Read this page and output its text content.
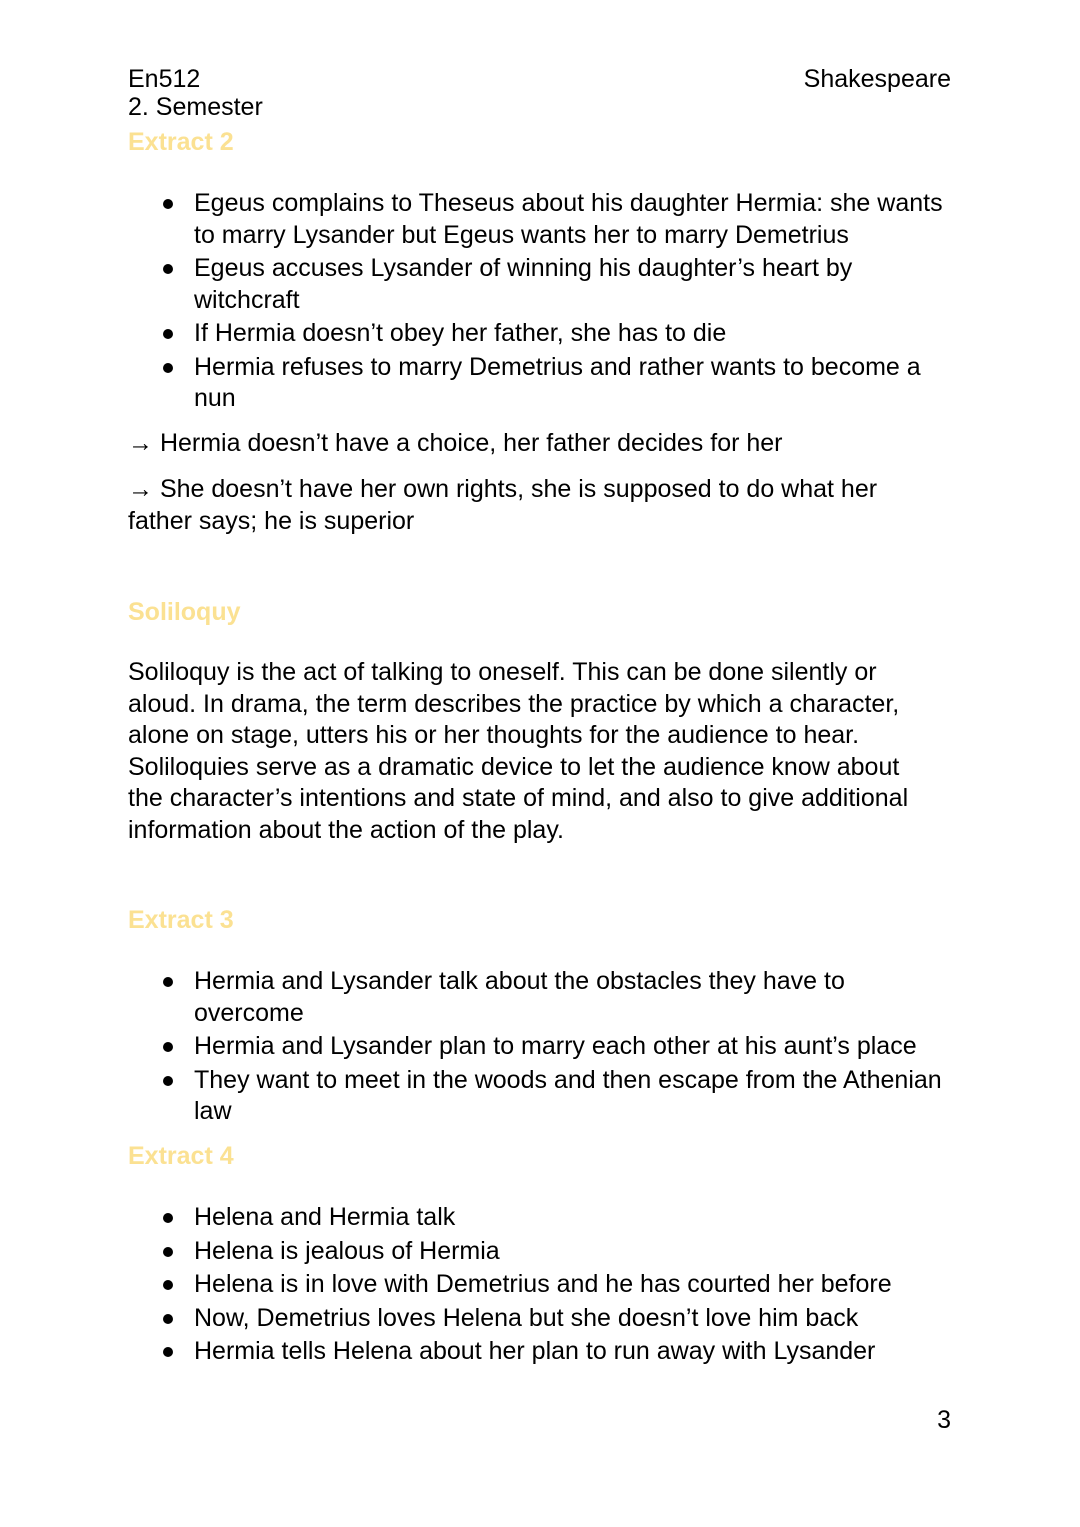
En512
2. Semester
Shakespeare
Extract 2
Egeus complains to Theseus about his daughter Hermia: she wants to marry Lysander but Egeus wants her to marry Demetrius
Egeus accuses Lysander of winning his daughter’s heart by witchcraft
If Hermia doesn’t obey her father, she has to die
Hermia refuses to marry Demetrius and rather wants to become a nun

→ Hermia doesn’t have a choice, her father decides for her

→ She doesn’t have her own rights, she is supposed to do what her father says; he is superior

Soliloquy

Soliloquy is the act of talking to oneself. This can be done silently or aloud. In drama, the term describes the practice by which a character, alone on stage, utters his or her thoughts for the audience to hear. Soliloquies serve as a dramatic device to let the audience know about the character’s intentions and state of mind, and also to give additional information about the action of the play.

Extract 3
Hermia and Lysander talk about the obstacles they have to overcome
Hermia and Lysander plan to marry each other at his aunt’s place
They want to meet in the woods and then escape from the Athenian law
Extract 4
Helena and Hermia talk
Helena is jealous of Hermia
Helena is in love with Demetrius and he has courted her before
Now, Demetrius loves Helena but she doesn’t love him back
Hermia tells Helena about her plan to run away with Lysander
3
